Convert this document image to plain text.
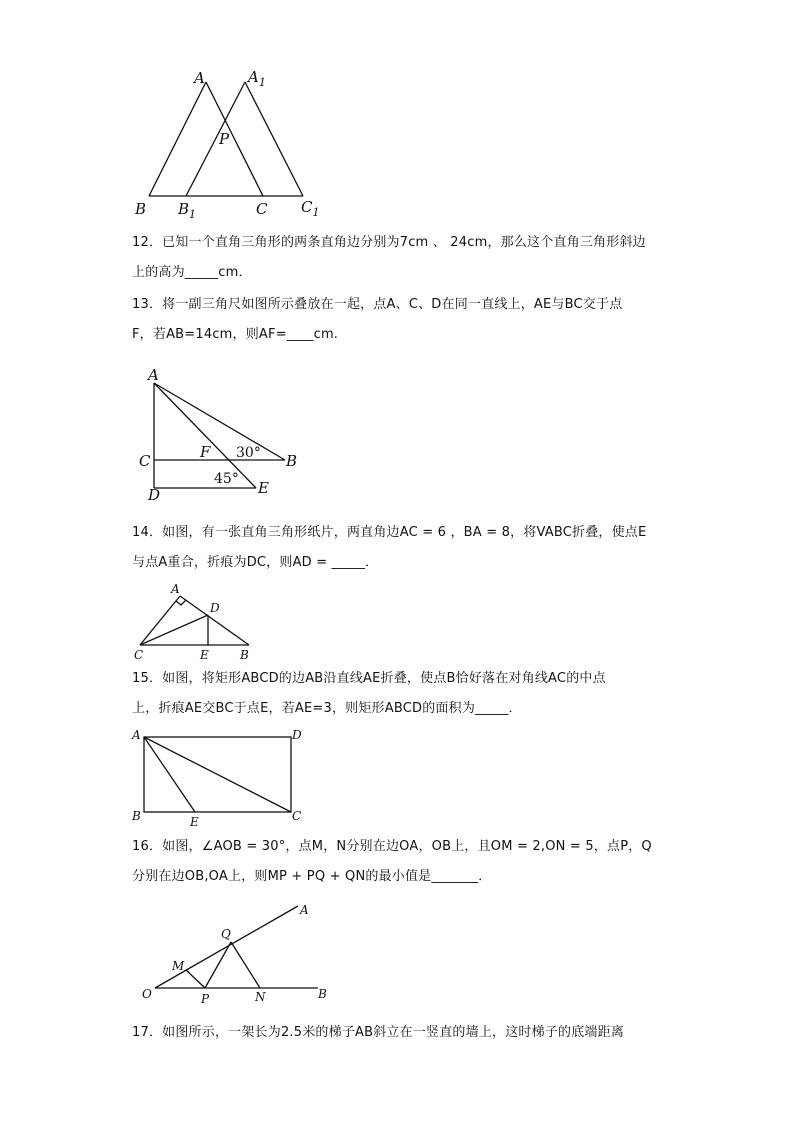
A	$A_1$
P
B $B_1$	C $C_1$
12．已知一个直角三角形的两条直角边分别为7cm 、 24cm，那么这个直角三角形斜边
上的高为_____cm．
13．将一副三角尺如图所示叠放在一起，点A、C、D在同一直线上，AE与BC交于点
F，若AB=14cm，则AF=____cm.
A
C
D
F 30° B
45° E
14．如图，有一张直角三角形纸片，两直角边AC = 6 ，BA = 8，将VABC折叠，使点E
与点A重合，折痕为DC，则AD = _____．
A
D
C	E	B
15．如图，将矩形ABCD的边AB沿直线AE折叠，使点B恰好落在对角线AC的中点
上，折痕AE交BC于点E，若AE=3，则矩形ABCD的面积为_____．
A	D
B	E	C
16．如图，∠AOB = 30°，点M，N分别在边OA，OB上，且OM = 2,ON = 5，点P，Q
分别在边OB,OA上，则MP + PQ + QN的最小值是_______．
A
Q
M
O	P	N	B
17．如图所示，一架长为2.5米的梯子AB斜立在一竖直的墙上，这时梯子的底端距离
